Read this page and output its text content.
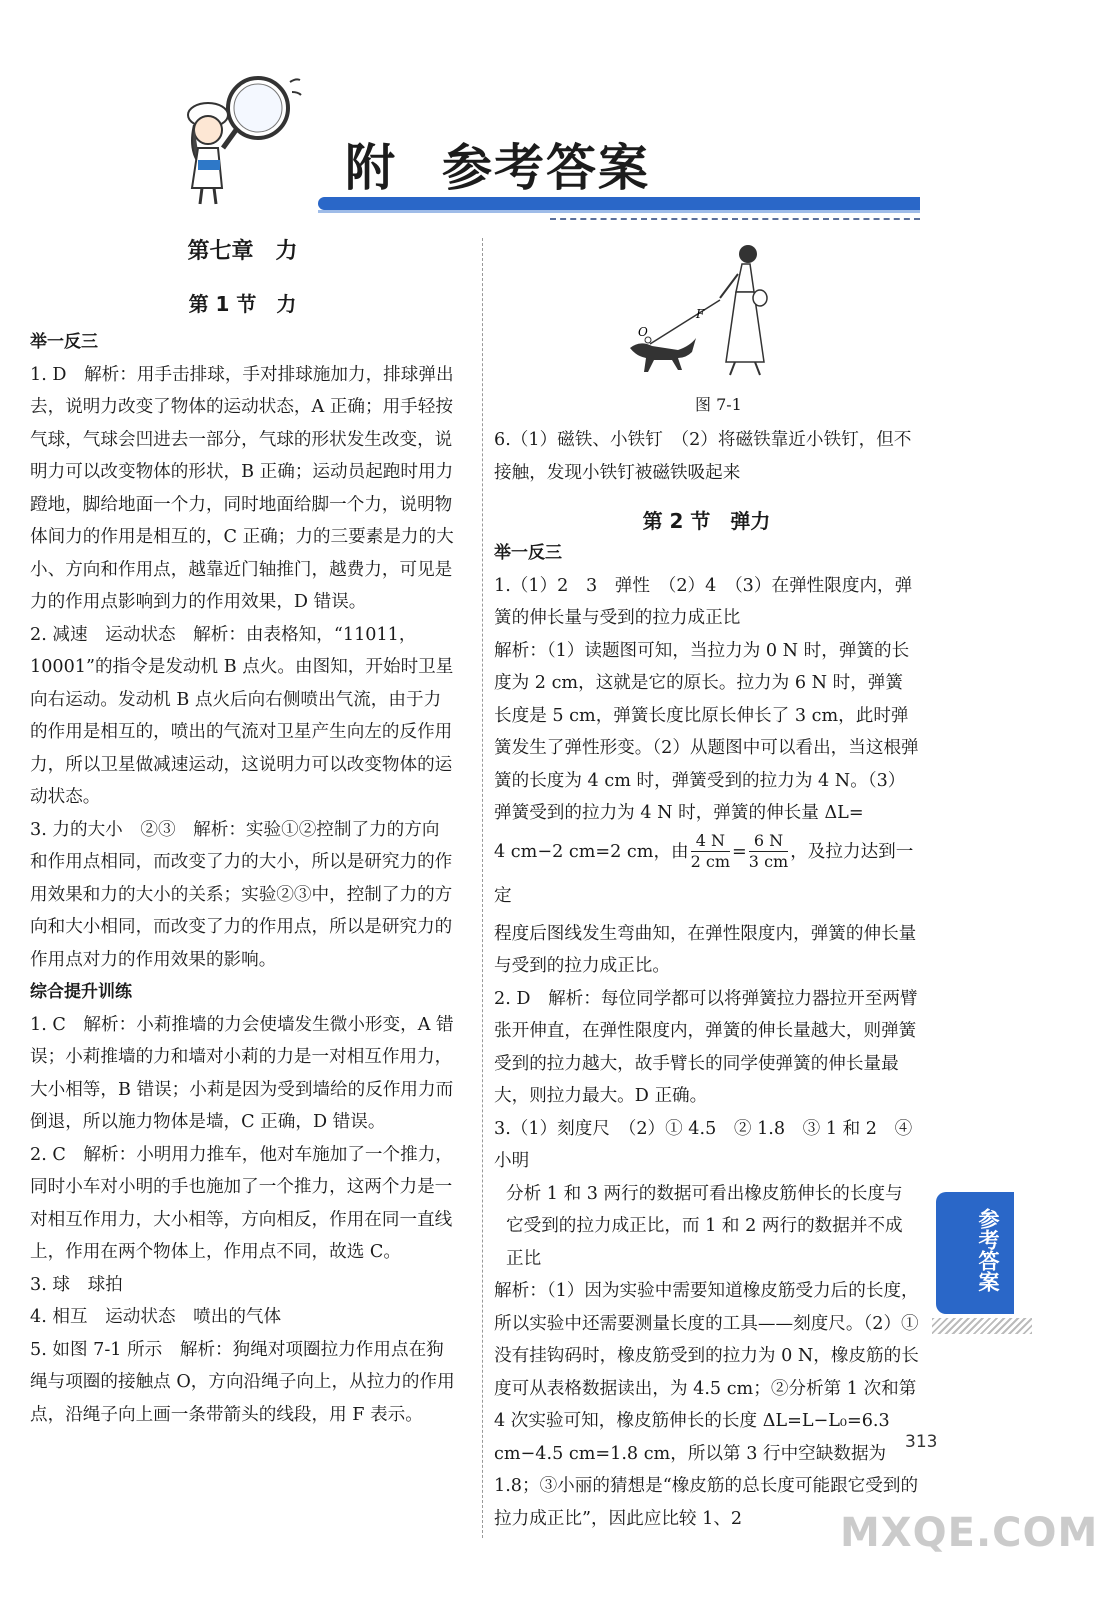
附 参考答案

第七章　力

第 1 节　力

举一反三

1. D　解析：用手击排球，手对排球施加力，排球弹出去，说明力改变了物体的运动状态，A 正确；用手轻按气球，气球会凹进去一部分，气球的形状发生改变，说明力可以改变物体的形状，B 正确；运动员起跑时用力蹬地，脚给地面一个力，同时地面给脚一个力，说明物体间力的作用是相互的，C 正确；力的三要素是力的大小、方向和作用点，越靠近门轴推门，越费力，可见是力的作用点影响到力的作用效果，D 错误。

2. 减速　运动状态　解析：由表格知，“11011，10001”的指令是发动机 B 点火。由图知，开始时卫星向右运动。发动机 B 点火后向右侧喷出气流，由于力的作用是相互的，喷出的气流对卫星产生向左的反作用力，所以卫星做减速运动，这说明力可以改变物体的运动状态。

3. 力的大小　②③　解析：实验①②控制了力的方向和作用点相同，而改变了力的大小，所以是研究力的作用效果和力的大小的关系；实验②③中，控制了力的方向和大小相同，而改变了力的作用点，所以是研究力的作用点对力的作用效果的影响。

综合提升训练

1. C　解析：小莉推墙的力会使墙发生微小形变，A 错误；小莉推墙的力和墙对小莉的力是一对相互作用力，大小相等，B 错误；小莉是因为受到墙给的反作用力而倒退，所以施力物体是墙，C 正确，D 错误。

2. C　解析：小明用力推车，他对车施加了一个推力，同时小车对小明的手也施加了一个推力，这两个力是一对相互作用力，大小相等，方向相反，作用在同一直线上，作用在两个物体上，作用点不同，故选 C。

3. 球　球拍

4. 相互　运动状态　喷出的气体

5. 如图 7-1 所示　解析：狗绳对项圈拉力作用点在狗绳与项圈的接触点 O，方向沿绳子向上，从拉力的作用点，沿绳子向上画一条带箭头的线段，用 F 表示。

O
F
图 7-1

6.（1）磁铁、小铁钉　（2）将磁铁靠近小铁钉，但不接触，发现小铁钉被磁铁吸起来

第 2 节　弹力

举一反三

1.（1）2　3　弹性　（2）4　（3）在弹性限度内，弹簧的伸长量与受到的拉力成正比

解析：（1）读题图可知，当拉力为 0 N 时，弹簧的长度为 2 cm，这就是它的原长。拉力为 6 N 时，弹簧长度是 5 cm，弹簧长度比原长伸长了 3 cm，此时弹簧发生了弹性形变。（2）从题图中可以看出，当这根弹簧的长度为 4 cm 时，弹簧受到的拉力为 4 N。（3）弹簧受到的拉力为 4 N 时，弹簧的伸长量 ΔL=

4 cm−2 cm=2 cm，由 $\frac{4 N}{2 cm} = \frac{6 N}{3 cm}$ ，及拉力达到一定

程度后图线发生弯曲知，在弹性限度内，弹簧的伸长量与受到的拉力成正比。

2. D　解析：每位同学都可以将弹簧拉力器拉开至两臂张开伸直，在弹性限度内，弹簧的伸长量越大，则弹簧受到的拉力越大，故手臂长的同学使弹簧的伸长量最大，则拉力最大。D 正确。

3.（1）刻度尺　（2）① 4.5　② 1.8　③ 1 和 2　④小明

分析 1 和 3 两行的数据可看出橡皮筋伸长的长度与它受到的拉力成正比，而 1 和 2 两行的数据并不成正比

解析：（1）因为实验中需要知道橡皮筋受力后的长度，所以实验中还需要测量长度的工具——刻度尺。（2）①没有挂钩码时，橡皮筋受到的拉力为 0 N，橡皮筋的长度可从表格数据读出，为 4.5 cm；②分析第 1 次和第 4 次实验可知，橡皮筋伸长的长度 ΔL=L−L₀=6.3 cm−4.5 cm=1.8 cm，所以第 3 行中空缺数据为 1.8；③小丽的猜想是“橡皮筋的总长度可能跟它受到的拉力成正比”，因此应比较 1、2

参考答案
313
MXQE.COM
